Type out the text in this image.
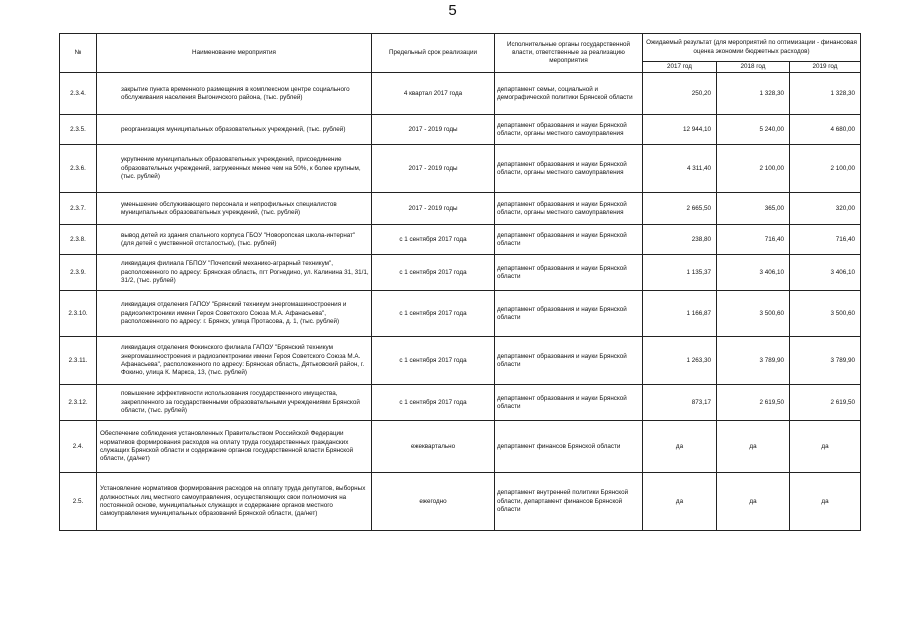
5
№	Наименование мероприятия	Предельный срок реализации	Исполнительные органы государственной власти, ответственные за реализацию мероприятия	Ожидаемый результат (для мероприятий по оптимизации - финансовая оценка экономии бюджетных расходов)		
				2017 год	2018 год	2019 год
2.3.4.	закрытие пункта временного размещения в комплексном центре социального обслуживания населения Выгоничского района, (тыс. рублей)	4 квартал 2017 года	департамент семьи, социальной и демографической политики Брянской области	250,20	1 328,30	1 328,30
2.3.5.	реорганизация муниципальных образовательных учреждений, (тыс. рублей)	2017 - 2019 годы	департамент образования и науки Брянской области, органы местного самоуправления	12 944,10	5 240,00	4 680,00
2.3.6.	укрупнение муниципальных образовательных учреждений, присоединение образовательных учреждений, загруженных менее чем на 50%, к более крупным, (тыс. рублей)	2017 - 2019 годы	департамент образования и науки Брянской области, органы местного самоуправления	4 311,40	2 100,00	2 100,00
2.3.7.	уменьшение обслуживающего персонала и непрофильных специалистов муниципальных образовательных учреждений, (тыс. рублей)	2017 - 2019 годы	департамент образования и науки Брянской области, органы местного самоуправления	2 665,50	365,00	320,00
2.3.8.	вывод детей из здания спального корпуса ГБОУ "Новоропская школа-интернат" (для детей с умственной отсталостью), (тыс. рублей)	с 1 сентября 2017 года	департамент образования и науки Брянской области	238,80	716,40	716,40
2.3.9.	ликвидация филиала ГБПОУ "Почепский механико-аграрный техникум", расположенного по адресу: Брянская область, пгт Рогнедино, ул. Калинина 31, 31/1, 31/2, (тыс. рублей)	с 1 сентября 2017 года	департамент образования и науки Брянской области	1 135,37	3 406,10	3 406,10
2.3.10.	ликвидация отделения ГАПОУ "Брянский техникум энергомашиностроения и радиоэлектроники имени Героя Советского Союза М.А. Афанасьева", расположенного по адресу: г. Брянск, улица Протасова, д. 1, (тыс. рублей)	с 1 сентября 2017 года	департамент образования и науки Брянской области	1 166,87	3 500,60	3 500,60
2.3.11.	ликвидация отделения Фокинского филиала ГАПОУ "Брянский техникум энергомашиностроения и радиоэлектроники имени Героя Советского Союза М.А. Афанасьева", расположенного по адресу: Брянская область, Дятьковский район, г. Фокино, улица К. Маркса, 13, (тыс. рублей)	с 1 сентября 2017 года	департамент образования и науки Брянской области	1 263,30	3 789,90	3 789,90
2.3.12.	повышение эффективности использования государственного имущества, закрепленного за государственными образовательными учреждениями Брянской области, (тыс. рублей)	с 1 сентября 2017 года	департамент образования и науки Брянской области	873,17	2 619,50	2 619,50
2.4.	Обеспечение соблюдения установленных Правительством Российской Федерации нормативов формирования расходов на оплату труда государственных гражданских служащих Брянской области и содержание органов государственной власти Брянской области, (да/нет)	ежеквартально	департамент финансов Брянской области	да	да	да
2.5.	Установление нормативов формирования расходов на оплату труда депутатов, выборных должностных лиц местного самоуправления, осуществляющих свои полномочия на постоянной основе, муниципальных служащих и содержание органов местного самоуправления муниципальных образований Брянской области, (да/нет)	ежегодно	департамент внутренней политики Брянской области, департамент финансов Брянской области	да	да	да
